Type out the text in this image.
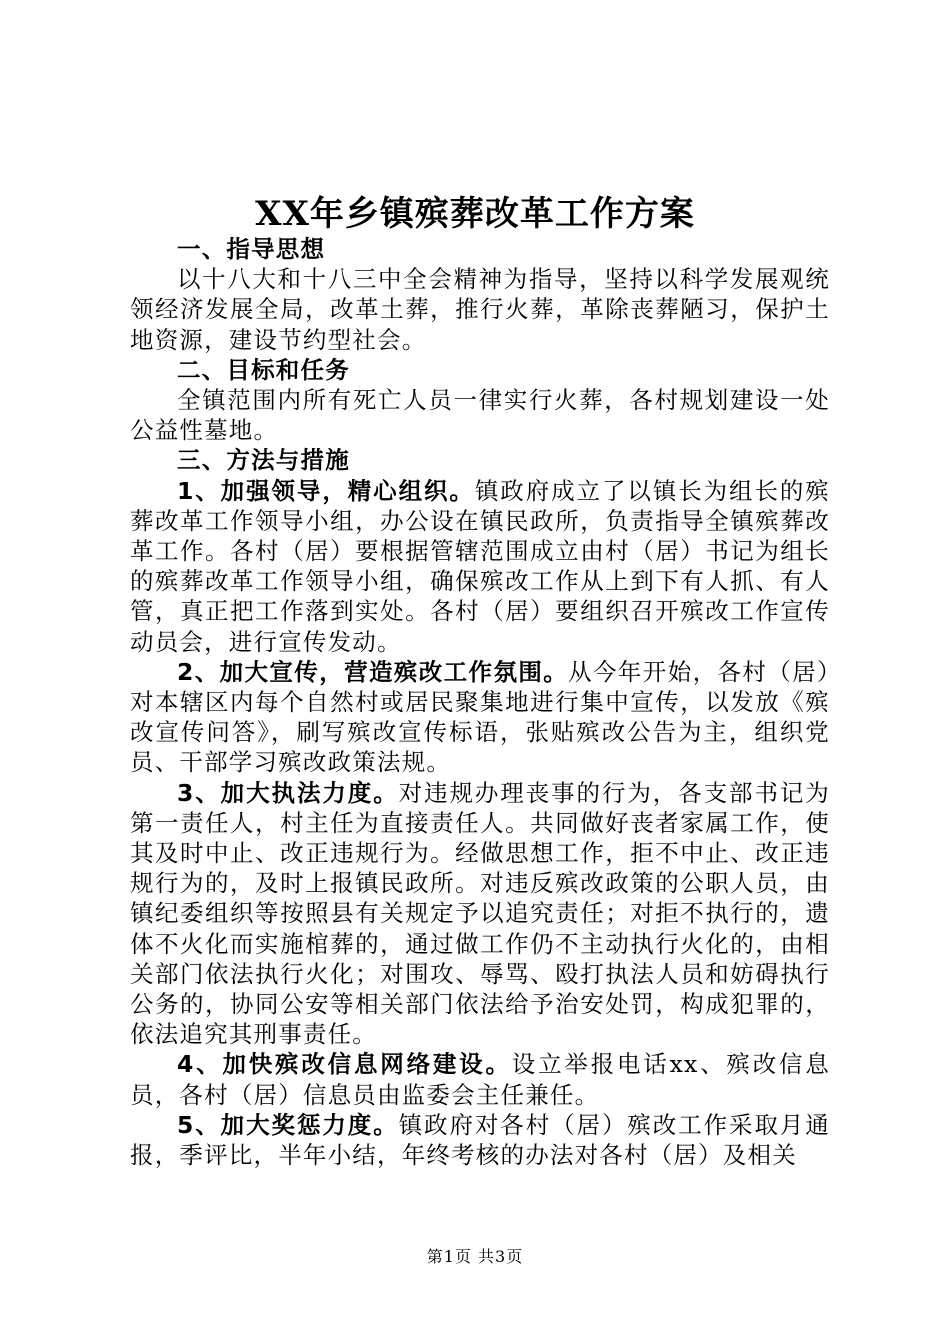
XX年乡镇殡葬改革工作方案

一、指导思想

以十八大和十八三中全会精神为指导，坚持以科学发展观统领经济发展全局，改革土葬，推行火葬，革除丧葬陋习，保护土地资源，建设节约型社会。

二、目标和任务

全镇范围内所有死亡人员一律实行火葬，各村规划建设一处公益性墓地。

三、方法与措施

1、加强领导，精心组织。镇政府成立了以镇长为组长的殡葬改革工作领导小组，办公设在镇民政所，负责指导全镇殡葬改革工作。各村（居）要根据管辖范围成立由村（居）书记为组长的殡葬改革工作领导小组，确保殡改工作从上到下有人抓、有人管，真正把工作落到实处。各村（居）要组织召开殡改工作宣传动员会，进行宣传发动。

2、加大宣传，营造殡改工作氛围。从今年开始，各村（居）对本辖区内每个自然村或居民聚集地进行集中宣传，以发放《殡改宣传问答》，刷写殡改宣传标语，张贴殡改公告为主，组织党员、干部学习殡改政策法规。

3、加大执法力度。对违规办理丧事的行为，各支部书记为第一责任人，村主任为直接责任人。共同做好丧者家属工作，使其及时中止、改正违规行为。经做思想工作，拒不中止、改正违规行为的，及时上报镇民政所。对违反殡改政策的公职人员，由镇纪委组织等按照县有关规定予以追究责任；对拒不执行的，遗体不火化而实施棺葬的，通过做工作仍不主动执行火化的，由相关部门依法执行火化；对围攻、辱骂、殴打执法人员和妨碍执行公务的，协同公安等相关部门依法给予治安处罚，构成犯罪的，依法追究其刑事责任。

4、加快殡改信息网络建设。设立举报电话xx、殡改信息员，各村（居）信息员由监委会主任兼任。

5、加大奖惩力度。镇政府对各村（居）殡改工作采取月通报，季评比，半年小结，年终考核的办法对各村（居）及相关

第1页 共3页
